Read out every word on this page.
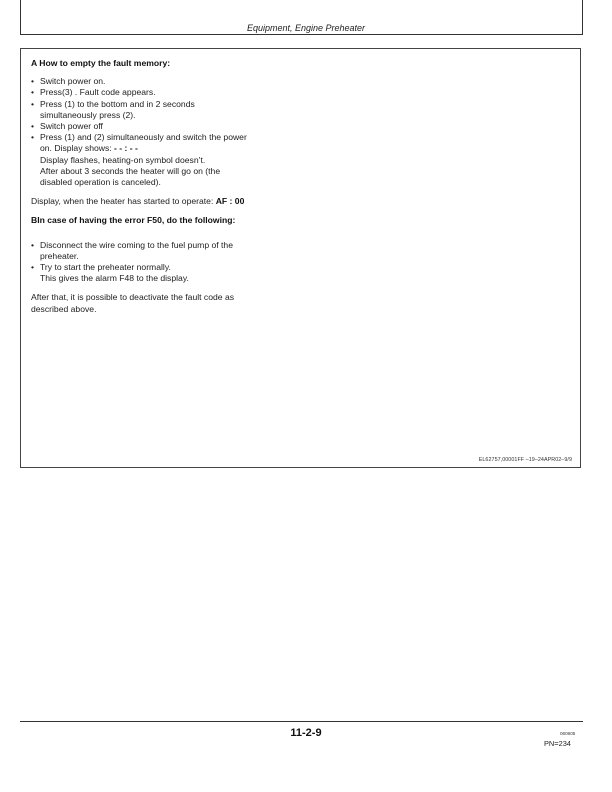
Equipment, Engine Preheater

A How to empty the fault memory:

• Switch power on.
• Press(3) . Fault code appears.
• Press (1) to the bottom and in 2 seconds
simultaneously press (2).
• Switch power off
• Press (1) and (2) simultaneously and switch the power
on. Display shows: - - : - -
Display flashes, heating-on symbol doesn’t.
After about 3 seconds the heater will go on (the
disabled operation is canceled).

Display, when the heater has started to operate: AF : 00

BIn case of having the error F50, do the following:

• Disconnect the wire coming to the fuel pump of the
preheater.
• Try to start the preheater normally.
This gives the alarm F48 to the display.

After that, it is possible to deactivate the fault code as
described above.

EL62757,00001FF –19–24APR02–9/9
11-2-9	060605
PN=234
